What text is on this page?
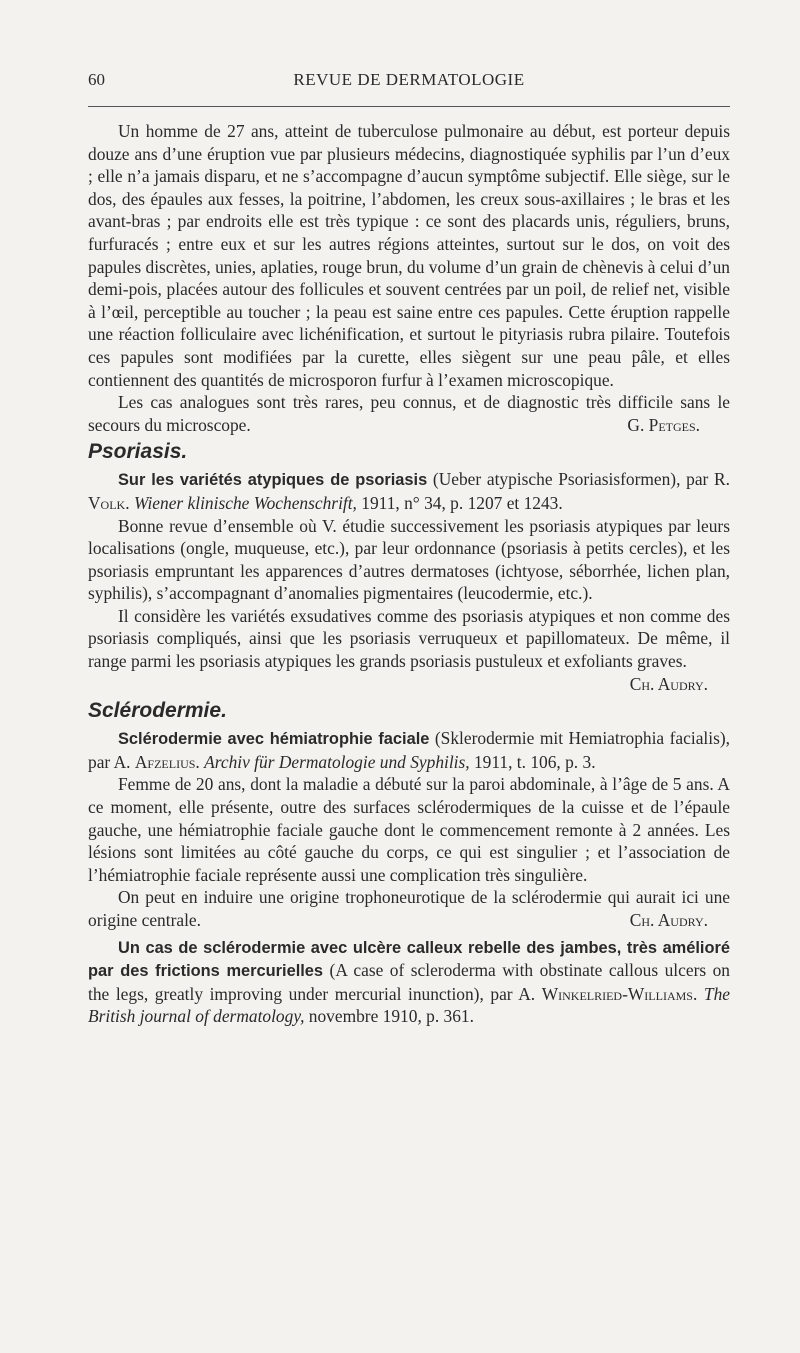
60	REVUE DE DERMATOLOGIE

Un homme de 27 ans, atteint de tuberculose pulmonaire au début, est porteur depuis douze ans d’une éruption vue par plusieurs médecins, diagnostiquée syphilis par l’un d’eux ; elle n’a jamais disparu, et ne s’accompagne d’aucun symptôme subjectif. Elle siège, sur le dos, des épaules aux fesses, la poitrine, l’abdomen, les creux sous-axillaires ; le bras et les avant-bras ; par endroits elle est très typique : ce sont des placards unis, réguliers, bruns, furfuracés ; entre eux et sur les autres régions atteintes, surtout sur le dos, on voit des papules discrètes, unies, aplaties, rouge brun, du volume d’un grain de chènevis à celui d’un demi-pois, placées autour des follicules et souvent centrées par un poil, de relief net, visible à l’œil, perceptible au toucher ; la peau est saine entre ces papules. Cette éruption rappelle une réaction folliculaire avec lichénification, et surtout le pityriasis rubra pilaire. Toutefois ces papules sont modifiées par la curette, elles siègent sur une peau pâle, et elles contiennent des quantités de microsporon furfur à l’examen microscopique.

Les cas analogues sont très rares, peu connus, et de diagnostic très difficile sans le secours du microscope.	G. Petges.

Psoriasis.

Sur les variétés atypiques de psoriasis (Ueber atypische Psoriasisformen), par R. Volk. Wiener klinische Wochenschrift, 1911, n° 34, p. 1207 et 1243.

Bonne revue d’ensemble où V. étudie successivement les psoriasis atypiques par leurs localisations (ongle, muqueuse, etc.), par leur ordonnance (psoriasis à petits cercles), et les psoriasis empruntant les apparences d’autres dermatoses (ichtyose, séborrhée, lichen plan, syphilis), s’accompagnant d’anomalies pigmentaires (leucodermie, etc.).

Il considère les variétés exsudatives comme des psoriasis atypiques et non comme des psoriasis compliqués, ainsi que les psoriasis verruqueux et papillomateux. De même, il range parmi les psoriasis atypiques les grands psoriasis pustuleux et exfoliants graves.
Ch. Audry.

Sclérodermie.

Sclérodermie avec hémiatrophie faciale (Sklerodermie mit Hemiatrophia facialis), par A. Afzelius. Archiv für Dermatologie und Syphilis, 1911, t. 106, p. 3.

Femme de 20 ans, dont la maladie a débuté sur la paroi abdominale, à l’âge de 5 ans. A ce moment, elle présente, outre des surfaces sclérodermiques de la cuisse et de l’épaule gauche, une hémiatrophie faciale gauche dont le commencement remonte à 2 années. Les lésions sont limitées au côté gauche du corps, ce qui est singulier ; et l’association de l’hémiatrophie faciale représente aussi une complication très singulière.

On peut en induire une origine trophoneurotique de la sclérodermie qui aurait ici une origine centrale.	Ch. Audry.

Un cas de sclérodermie avec ulcère calleux rebelle des jambes, très amélioré par des frictions mercurielles (A case of scleroderma with obstinate callous ulcers on the legs, greatly improving under mercurial inunction), par A. Winkelried-Williams. The British journal of dermatology, novembre 1910, p. 361.
